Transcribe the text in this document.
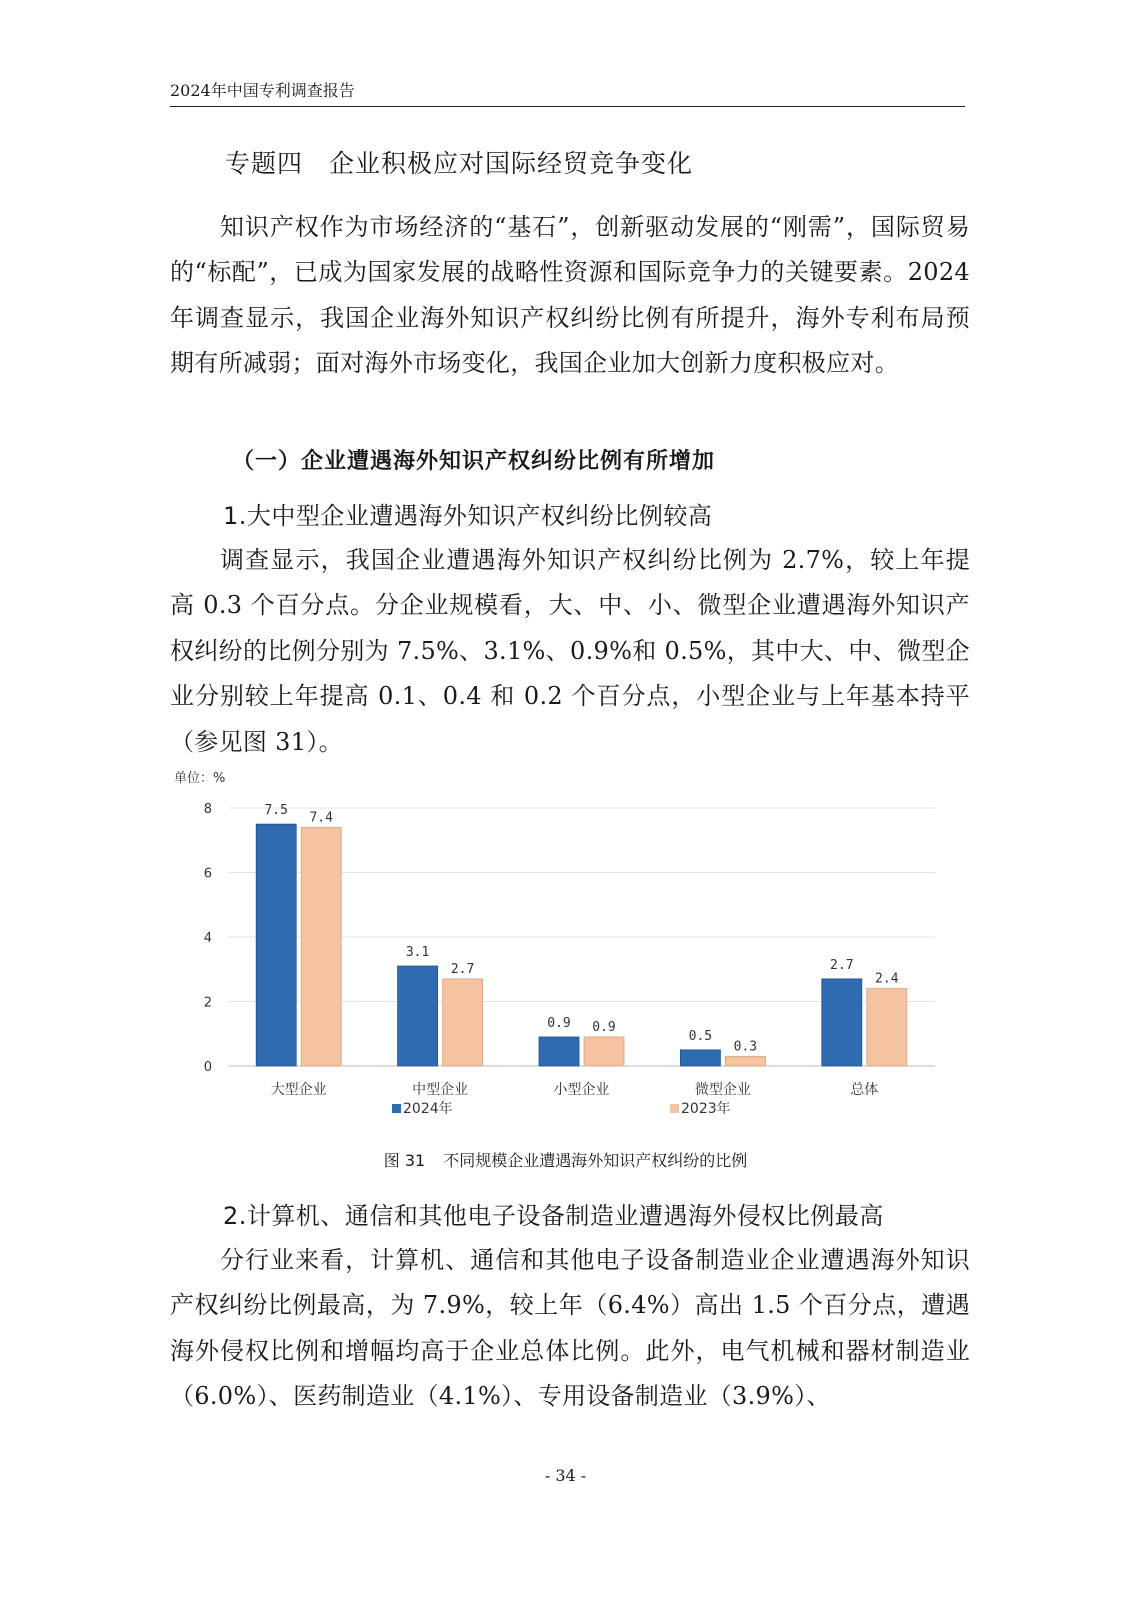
2024年中国专利调查报告
专题四　企业积极应对国际经贸竞争变化

知识产权作为市场经济的“基石”，创新驱动发展的“刚需”，国际贸易的“标配”，已成为国家发展的战略性资源和国际竞争力的关键要素。2024 年调查显示，我国企业海外知识产权纠纷比例有所提升，海外专利布局预期有所减弱；面对海外市场变化，我国企业加大创新力度积极应对。

（一）企业遭遇海外知识产权纠纷比例有所增加
1.大中型企业遭遇海外知识产权纠纷比例较高

调查显示，我国企业遭遇海外知识产权纠纷比例为 2.7%，较上年提高 0.3 个百分点。分企业规模看，大、中、小、微型企业遭遇海外知识产权纠纷的比例分别为 7.5%、3.1%、0.9%和 0.5%，其中大、中、微型企业分别较上年提高 0.1、0.4 和 0.2 个百分点，小型企业与上年基本持平（参见图 31）。

单位：%
0
2
4
6
8	7.5 7.4
大型企业
3.1
2.7
中型企业
0.9 0.9
小型企业
0.5
0.3
微型企业
2.7
2.4
总体
2024年	2023年

图 31 不同规模企业遭遇海外知识产权纠纷的比例

2.计算机、通信和其他电子设备制造业遭遇海外侵权比例最高

分行业来看，计算机、通信和其他电子设备制造业企业遭遇海外知识产权纠纷比例最高，为 7.9%，较上年（6.4%）高出 1.5 个百分点，遭遇海外侵权比例和增幅均高于企业总体比例。此外，电气机械和器材制造业（6.0%）、医药制造业（4.1%）、专用设备制造业（3.9%）、

- 34 -
